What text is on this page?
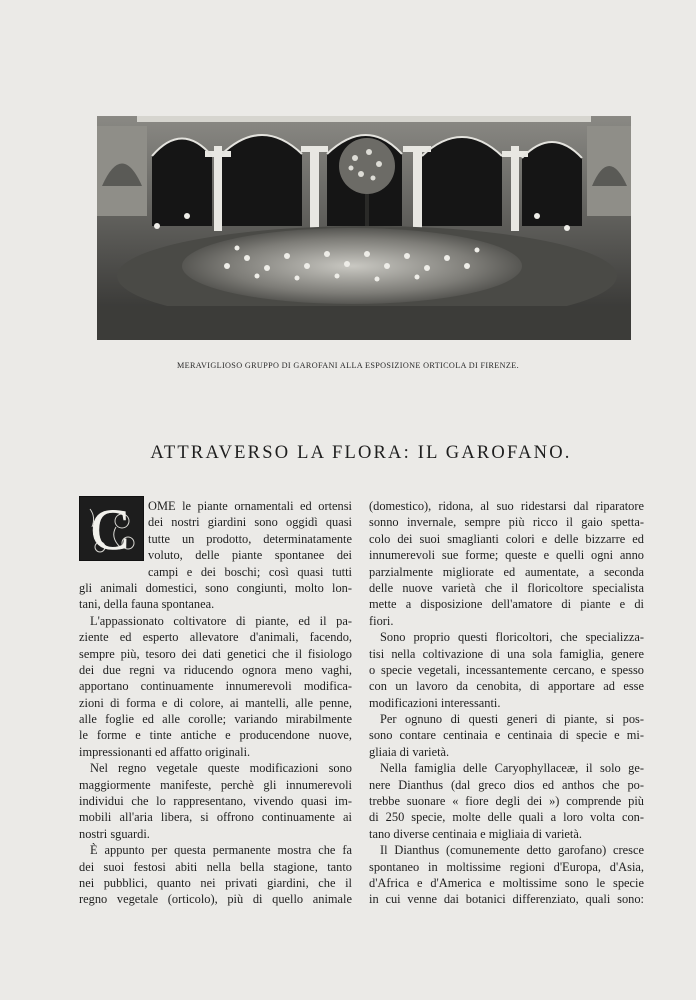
MERAVIGLIOSO GRUPPO DI GAROFANI ALLA ESPOSIZIONE ORTICOLA DI FIRENZE.
ATTRAVERSO LA FLORA: IL GAROFANO.
C	OME le piante ornamentali ed ortensi
dei nostri giardini sono oggidì quasi
tutte un prodotto, determinatamente
voluto, delle piante spontanee dei
campi e dei boschi; così quasi tutti
gli animali domestici, sono congiunti, molto lon-
tani, della fauna spontanea.
L'appassionato coltivatore di piante, ed il pa-
ziente ed esperto allevatore d'animali, facendo,
sempre più, tesoro dei dati genetici che il fisiologo
dei due regni va riducendo ognora meno vaghi,
apportano continuamente innumerevoli modifica-
zioni di forma e di colore, ai mantelli, alle penne,
alle foglie ed alle corolle; variando mirabilmente
le forme e tinte antiche e producendone nuove,
impressionanti ed affatto originali.
Nel regno vegetale queste modificazioni sono
maggiormente manifeste, perchè gli innumerevoli
individui che lo rappresentano, vivendo quasi im-
mobili all'aria libera, si offrono continuamente ai
nostri sguardi.
È appunto per questa permanente mostra che fa
dei suoi festosi abiti nella bella stagione, tanto
nei pubblici, quanto nei privati giardini, che il
regno vegetale (orticolo), più di quello animale
(domestico), ridona, al suo ridestarsi dal riparatore
sonno invernale, sempre più ricco il gaio spetta-
colo dei suoi smaglianti colori e delle bizzarre ed
innumerevoli sue forme; queste e quelli ogni anno
parzialmente migliorate ed aumentate, a seconda
delle nuove varietà che il floricoltore specialista
mette a disposizione dell'amatore di piante e di
fiori.
Sono proprio questi floricoltori, che specializza-
tisi nella coltivazione di una sola famiglia, genere
o specie vegetali, incessantemente cercano, e spesso
con un lavoro da cenobita, di apportare ad esse
modificazioni interessanti.
Per ognuno di questi generi di piante, si pos-
sono contare centinaia e centinaia di specie e mi-
gliaia di varietà.
Nella famiglia delle Caryophyllaceæ, il solo ge-
nere Dianthus (dal greco dios ed anthos che po-
trebbe suonare « fiore degli dei ») comprende più
di 250 specie, molte delle quali a loro volta con-
tano diverse centinaia e migliaia di varietà.
Il Dianthus (comunemente detto garofano) cresce
spontaneo in moltissime regioni d'Europa, d'Asia,
d'Africa e d'America e moltissime sono le specie
in cui venne dai botanici differenziato, quali sono:
